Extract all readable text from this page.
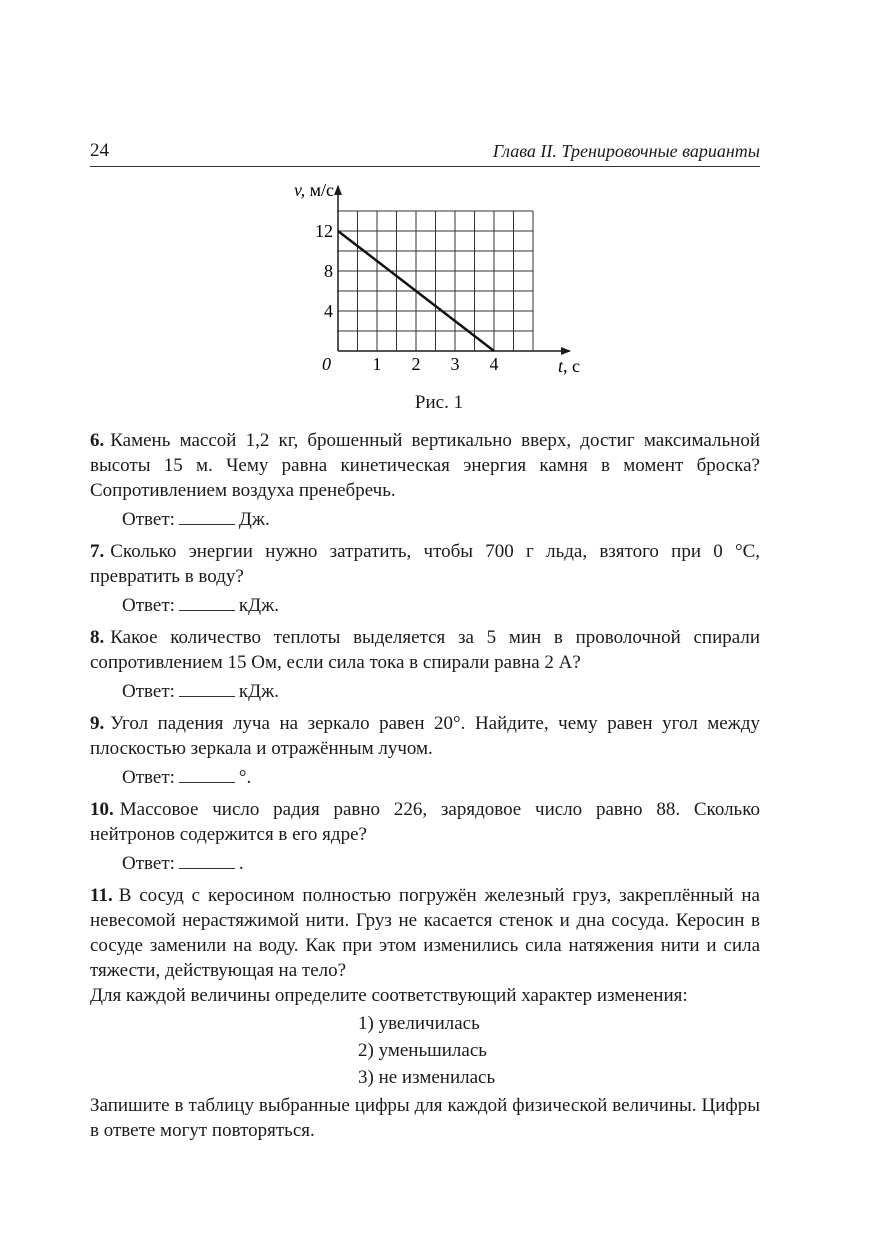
24	Глава II. Тренировочные варианты
1 2 3 4
4
8
12
v, м/с
t, с
0
Рис. 1

6. Камень массой 1,2 кг, брошенный вертикально вверх, достиг максимальной высоты 15 м. Чему равна кинетическая энергия камня в момент броска? Сопротивлением воздуха пренебречь.

Ответ:	Дж.

7. Сколько энергии нужно затратить, чтобы 700 г льда, взятого при 0 °С, превратить в воду?

Ответ:	кДж.

8. Какое количество теплоты выделяется за 5 мин в проволочной спирали сопротивлением 15 Ом, если сила тока в спирали равна 2 А?

Ответ:	кДж.

9. Угол падения луча на зеркало равен 20°. Найдите, чему равен угол между плоскостью зеркала и отражённым лучом.

Ответ:	°.

10. Массовое число радия равно 226, зарядовое число равно 88. Сколько нейтронов содержится в его ядре?

Ответ:	.

11. В сосуд с керосином полностью погружён железный груз, закреплённый на невесомой нерастяжимой нити. Груз не касается стенок и дна сосуда. Керосин в сосуде заменили на воду. Как при этом изменились сила натяжения нити и сила тяжести, действующая на тело?

Для каждой величины определите соответствующий характер изменения:

1) увеличилась
2) уменьшилась
3) не изменилась

Запишите в таблицу выбранные цифры для каждой физической величины. Цифры в ответе могут повторяться.
